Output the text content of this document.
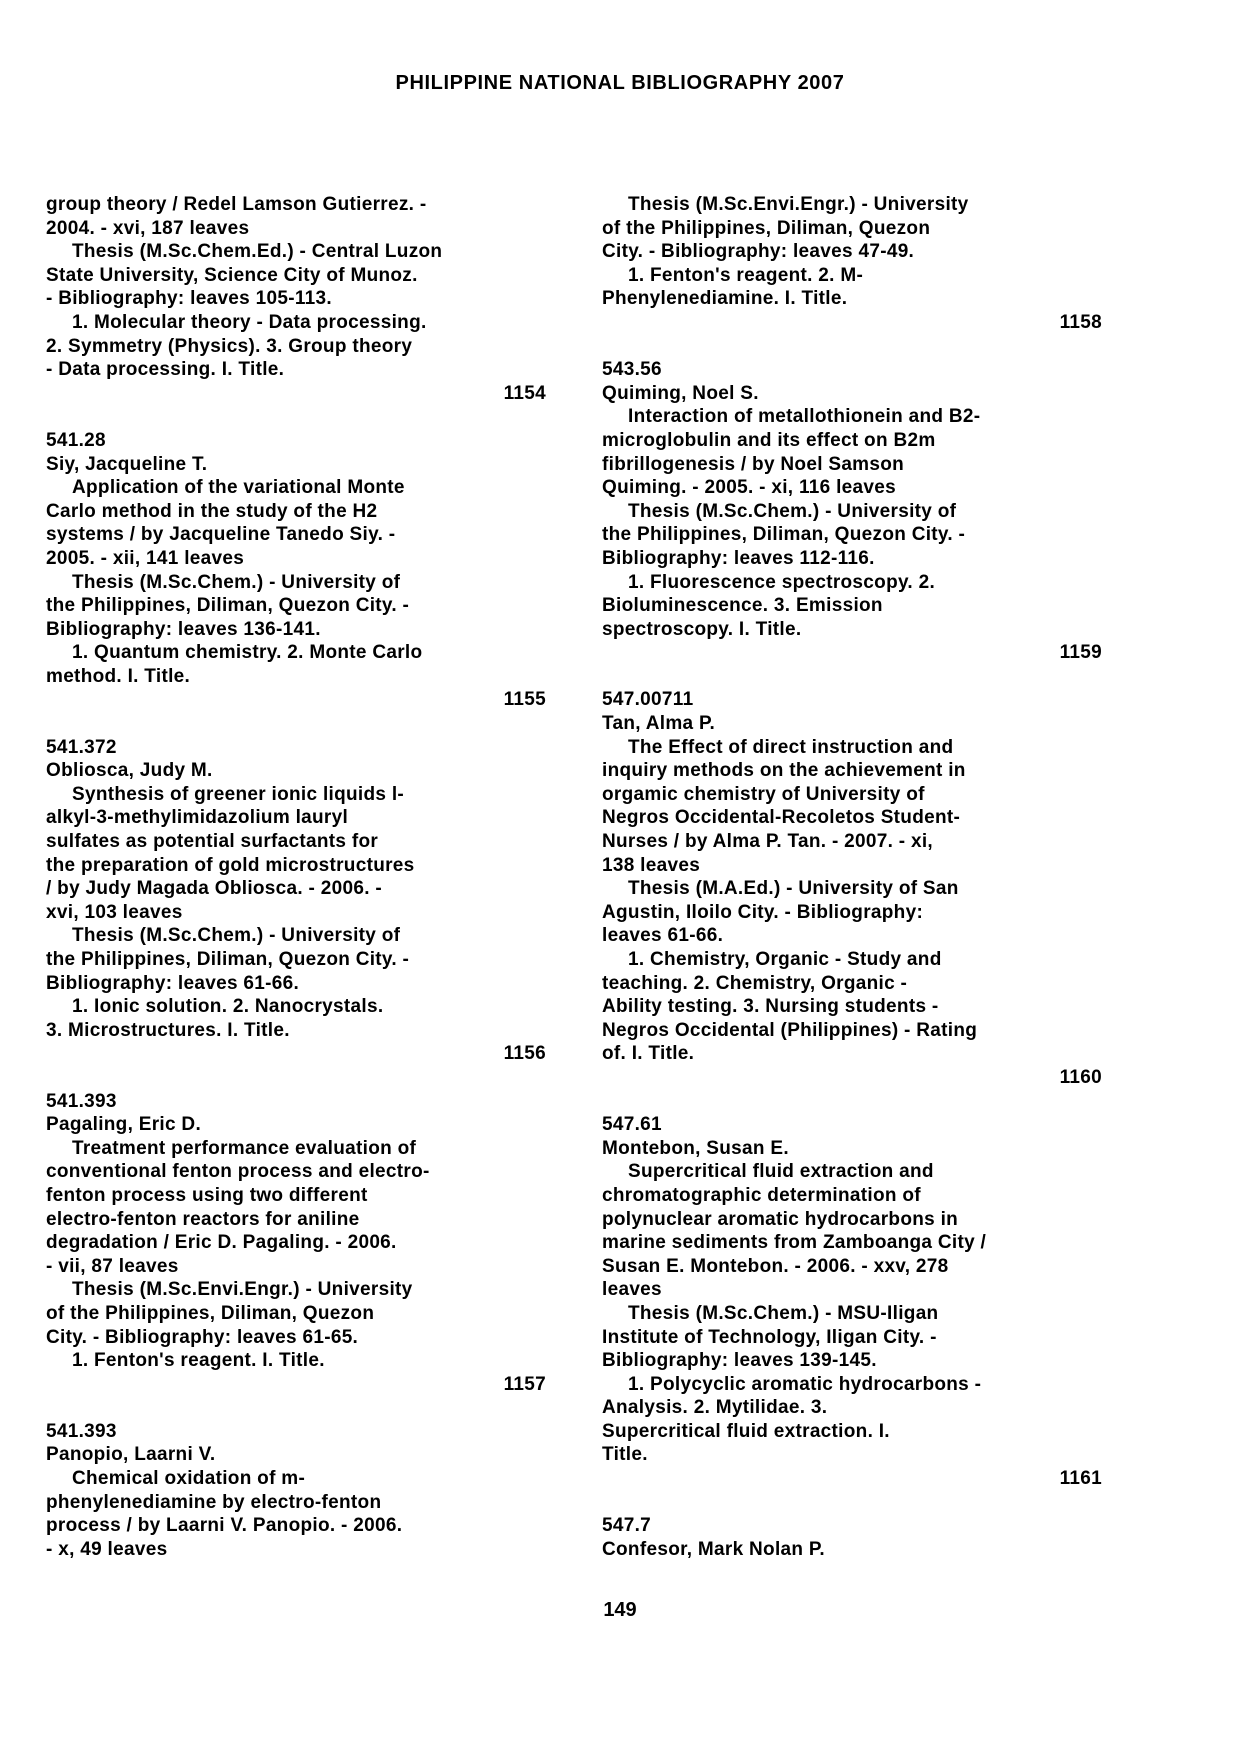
PHILIPPINE NATIONAL BIBLIOGRAPHY 2007
group theory / Redel Lamson Gutierrez. -
2004. - xvi, 187 leaves
Thesis (M.Sc.Chem.Ed.) - Central Luzon
State University, Science City of Munoz.
- Bibliography: leaves 105-113.
1. Molecular theory - Data processing.
2. Symmetry (Physics). 3. Group theory
- Data processing. I. Title.
1154
541.28
Siy, Jacqueline T.
Application of the variational Monte
Carlo method in the study of the H2
systems / by Jacqueline Tanedo Siy. -
2005. - xii, 141 leaves
Thesis (M.Sc.Chem.) - University of
the Philippines, Diliman, Quezon City. -
Bibliography: leaves 136-141.
1. Quantum chemistry. 2. Monte Carlo
method. I. Title.
1155
541.372
Obliosca, Judy M.
Synthesis of greener ionic liquids l-
alkyl-3-methylimidazolium lauryl
sulfates as potential surfactants for
the preparation of gold microstructures
/ by Judy Magada Obliosca. - 2006. -
xvi, 103 leaves
Thesis (M.Sc.Chem.) - University of
the Philippines, Diliman, Quezon City. -
Bibliography: leaves 61-66.
1. Ionic solution. 2. Nanocrystals.
3. Microstructures. I. Title.
1156
541.393
Pagaling, Eric D.
Treatment performance evaluation of
conventional fenton process and electro-
fenton process using two different
electro-fenton reactors for aniline
degradation / Eric D. Pagaling. - 2006.
- vii, 87 leaves
Thesis (M.Sc.Envi.Engr.) - University
of the Philippines, Diliman, Quezon
City. - Bibliography: leaves 61-65.
1. Fenton's reagent. I. Title.
1157
541.393
Panopio, Laarni V.
Chemical oxidation of m-
phenylenediamine by electro-fenton
process / by Laarni V. Panopio. - 2006.
- x, 49 leaves
Thesis (M.Sc.Envi.Engr.) - University
of the Philippines, Diliman, Quezon
City. - Bibliography: leaves 47-49.
1. Fenton's reagent. 2. M-
Phenylenediamine. I. Title.
1158
543.56
Quiming, Noel S.
Interaction of metallothionein and B2-
microglobulin and its effect on B2m
fibrillogenesis / by Noel Samson
Quiming. - 2005. - xi, 116 leaves
Thesis (M.Sc.Chem.) - University of
the Philippines, Diliman, Quezon City. -
Bibliography: leaves 112-116.
1. Fluorescence spectroscopy. 2.
Bioluminescence. 3. Emission
spectroscopy. I. Title.
1159
547.00711
Tan, Alma P.
The Effect of direct instruction and
inquiry methods on the achievement in
orgamic chemistry of University of
Negros Occidental-Recoletos Student-
Nurses / by Alma P. Tan. - 2007. - xi,
138 leaves
Thesis (M.A.Ed.) - University of San
Agustin, Iloilo City. - Bibliography:
leaves 61-66.
1. Chemistry, Organic - Study and
teaching. 2. Chemistry, Organic -
Ability testing. 3. Nursing students -
Negros Occidental (Philippines) - Rating
of. I. Title.
1160
547.61
Montebon, Susan E.
Supercritical fluid extraction and
chromatographic determination of
polynuclear aromatic hydrocarbons in
marine sediments from Zamboanga City /
Susan E. Montebon. - 2006. - xxv, 278
leaves
Thesis (M.Sc.Chem.) - MSU-Iligan
Institute of Technology, Iligan City. -
Bibliography: leaves 139-145.
1. Polycyclic aromatic hydrocarbons -
Analysis. 2. Mytilidae. 3.
Supercritical fluid extraction. I.
Title.
1161
547.7
Confesor, Mark Nolan P.
149
